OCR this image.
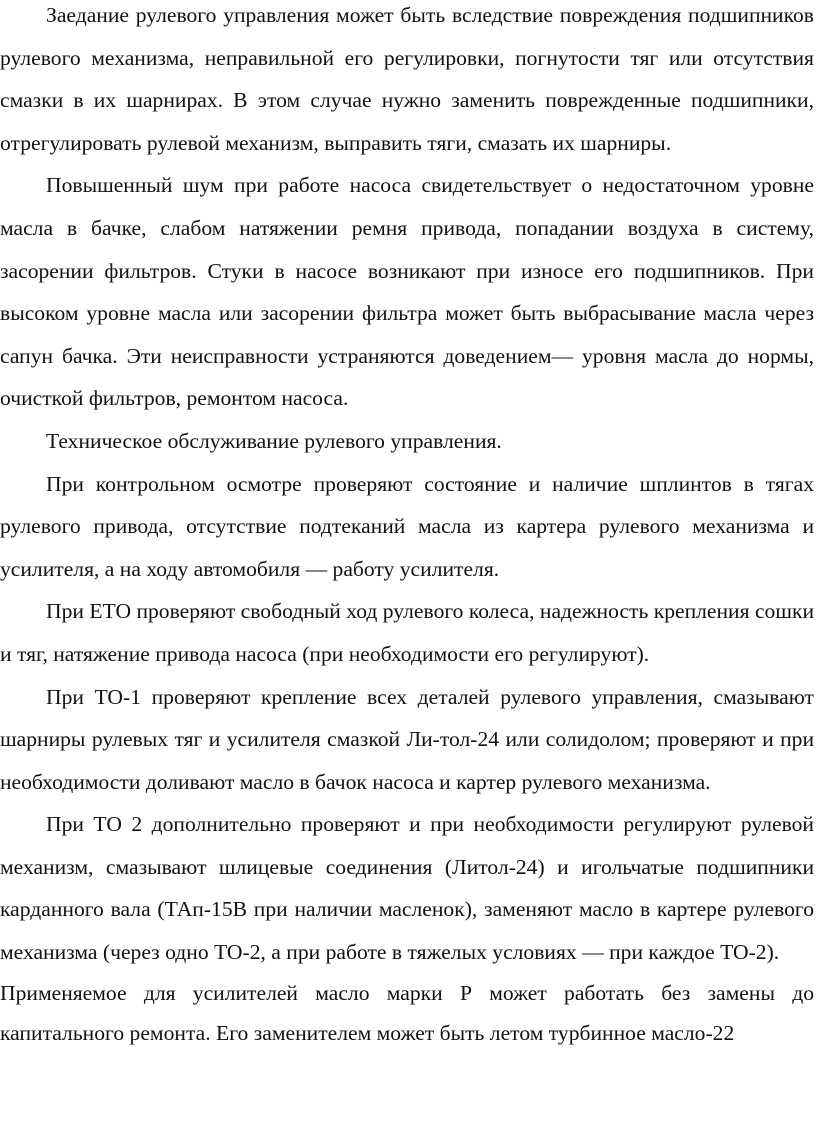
Заедание рулевого управления может быть вследствие повреждения подшипников рулевого механизма, неправильной его регулировки, погнутости тяг или отсутствия смазки в их шарнирах. В этом случае нужно заменить поврежденные подшипники, отрегулировать рулевой механизм, выправить тяги, смазать их шарниры.

Повышенный шум при работе насоса свидетельствует о недостаточном уровне масла в бачке, слабом натяжении ремня привода, попадании воздуха в систему, засорении фильтров. Стуки в насосе возникают при износе его подшипников. При высоком уровне масла или засорении фильтра может быть выбрасывание масла через сапун бачка. Эти неисправности устраняются доведением— уровня масла до нормы, очисткой фильтров, ремонтом насоса.

Техническое обслуживание рулевого управления.

При контрольном осмотре проверяют состояние и наличие шплинтов в тягах рулевого привода, отсутствие подтеканий масла из картера рулевого механизма и усилителя, а на ходу автомобиля — работу усилителя.

При ЕТО проверяют свободный ход рулевого колеса, надежность крепления сошки и тяг, натяжение привода насоса (при необходимости его регулируют).

При ТО-1 проверяют крепление всех деталей рулевого управления, смазывают шарниры рулевых тяг и усилителя смазкой Ли-тол-24 или солидолом; проверяют и при необходимости доливают масло в бачок насоса и картер рулевого механизма.

При ТО 2 дополнительно проверяют и при необходимости регулируют рулевой механизм, смазывают шлицевые соединения (Литол-24) и игольчатые подшипники карданного вала (ТАп-15В при наличии масленок), заменяют масло в картере рулевого механизма (через одно ТО-2, а при работе в тяжелых условиях — при каждое ТО-2).

Применяемое для усилителей масло марки Р может работать без замены до капитального ремонта. Его заменителем может быть летом турбинное масло-22
